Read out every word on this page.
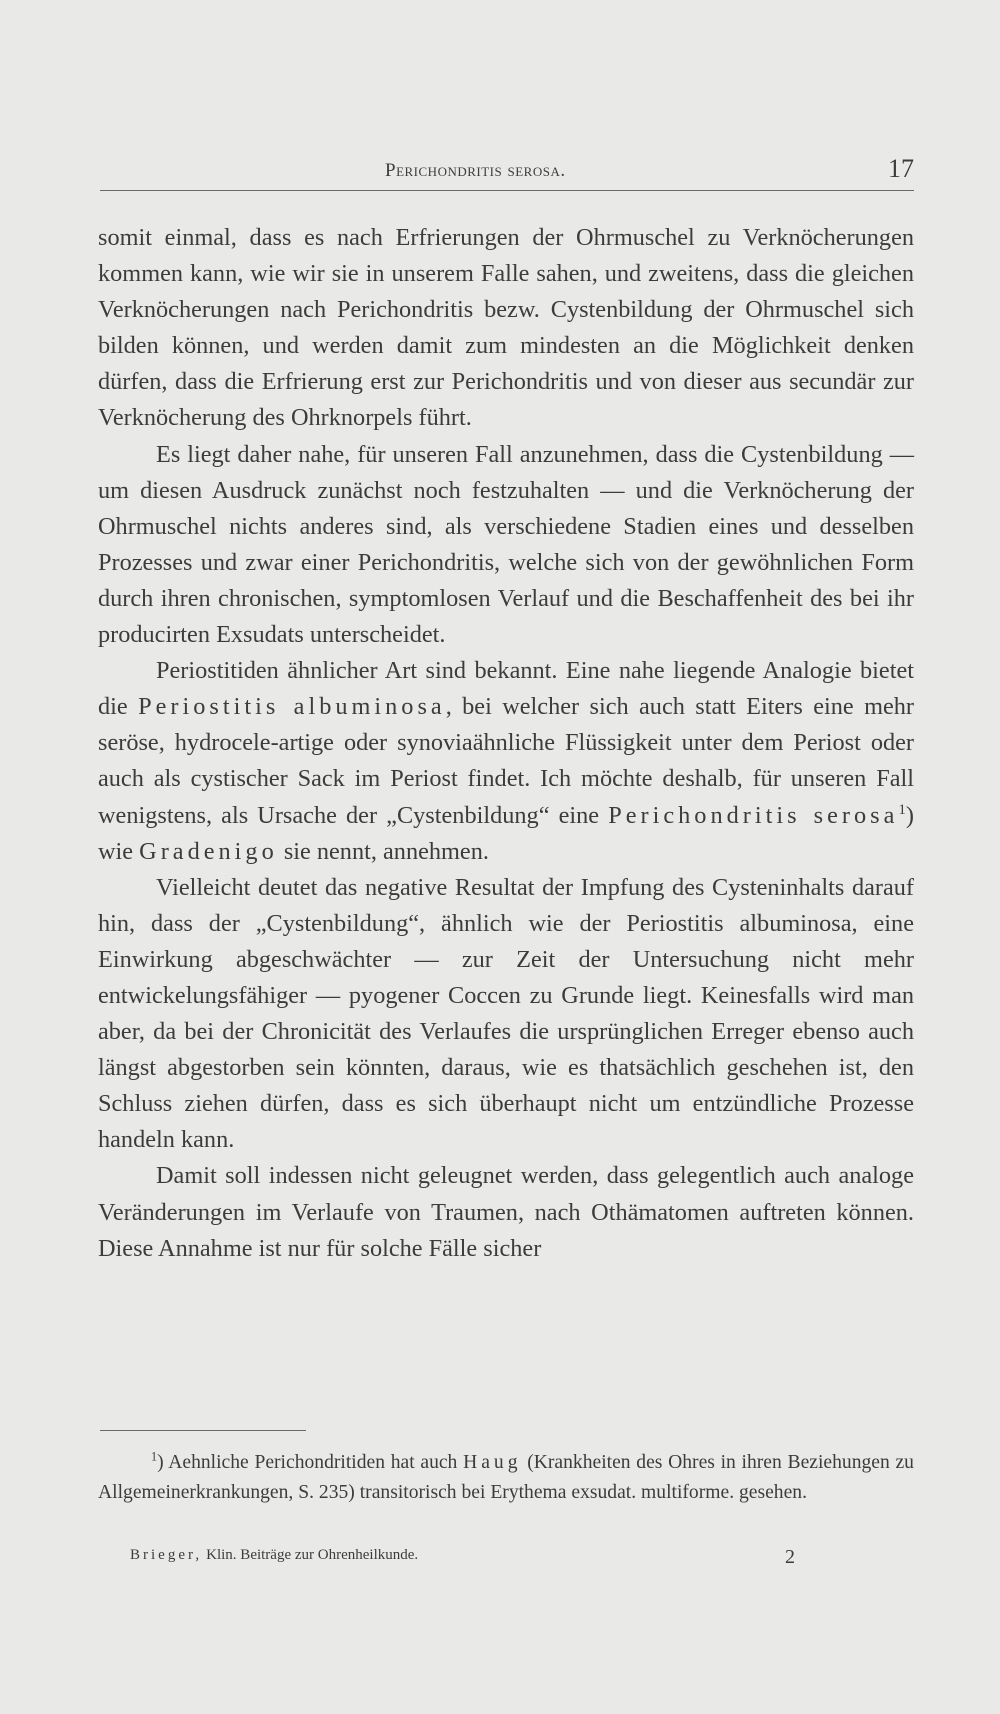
Perichondritis serosa.	17

somit einmal, dass es nach Erfrierungen der Ohrmuschel zu Verknöcherungen kommen kann, wie wir sie in unserem Falle sahen, und zweitens, dass die gleichen Verknöcherungen nach Perichondritis bezw. Cystenbildung der Ohrmuschel sich bilden können, und werden damit zum mindesten an die Möglichkeit denken dürfen, dass die Erfrierung erst zur Perichondritis und von dieser aus secundär zur Verknöcherung des Ohrknorpels führt.

Es liegt daher nahe, für unseren Fall anzunehmen, dass die Cystenbildung — um diesen Ausdruck zunächst noch festzuhalten — und die Verknöcherung der Ohrmuschel nichts anderes sind, als verschiedene Stadien eines und desselben Prozesses und zwar einer Perichondritis, welche sich von der gewöhnlichen Form durch ihren chronischen, symptomlosen Verlauf und die Beschaffenheit des bei ihr producirten Exsudats unterscheidet.

Periostitiden ähnlicher Art sind bekannt. Eine nahe liegende Analogie bietet die Periostitis albuminosa, bei welcher sich auch statt Eiters eine mehr seröse, hydrocele-artige oder synoviaähnliche Flüssigkeit unter dem Periost oder auch als cystischer Sack im Periost findet. Ich möchte deshalb, für unseren Fall wenigstens, als Ursache der „Cystenbildung“ eine Perichondritis serosa$^1$) wie Gradenigo sie nennt, annehmen.

Vielleicht deutet das negative Resultat der Impfung des Cysteninhalts darauf hin, dass der „Cystenbildung“, ähnlich wie der Periostitis albuminosa, eine Einwirkung abgeschwächter — zur Zeit der Untersuchung nicht mehr entwickelungsfähiger — pyogener Coccen zu Grunde liegt. Keinesfalls wird man aber, da bei der Chronicität des Verlaufes die ursprünglichen Erreger ebenso auch längst abgestorben sein könnten, daraus, wie es thatsächlich geschehen ist, den Schluss ziehen dürfen, dass es sich überhaupt nicht um entzündliche Prozesse handeln kann.

Damit soll indessen nicht geleugnet werden, dass gelegentlich auch analoge Veränderungen im Verlaufe von Traumen, nach Othämatomen auftreten können. Diese Annahme ist nur für solche Fälle sicher

$^1$) Aehnliche Perichondritiden hat auch Haug (Krankheiten des Ohres in ihren Beziehungen zu Allgemeinerkrankungen, S. 235) transitorisch bei Erythema exsudat. multiforme. gesehen.

Brieger, Klin. Beiträge zur Ohrenheilkunde.	2
